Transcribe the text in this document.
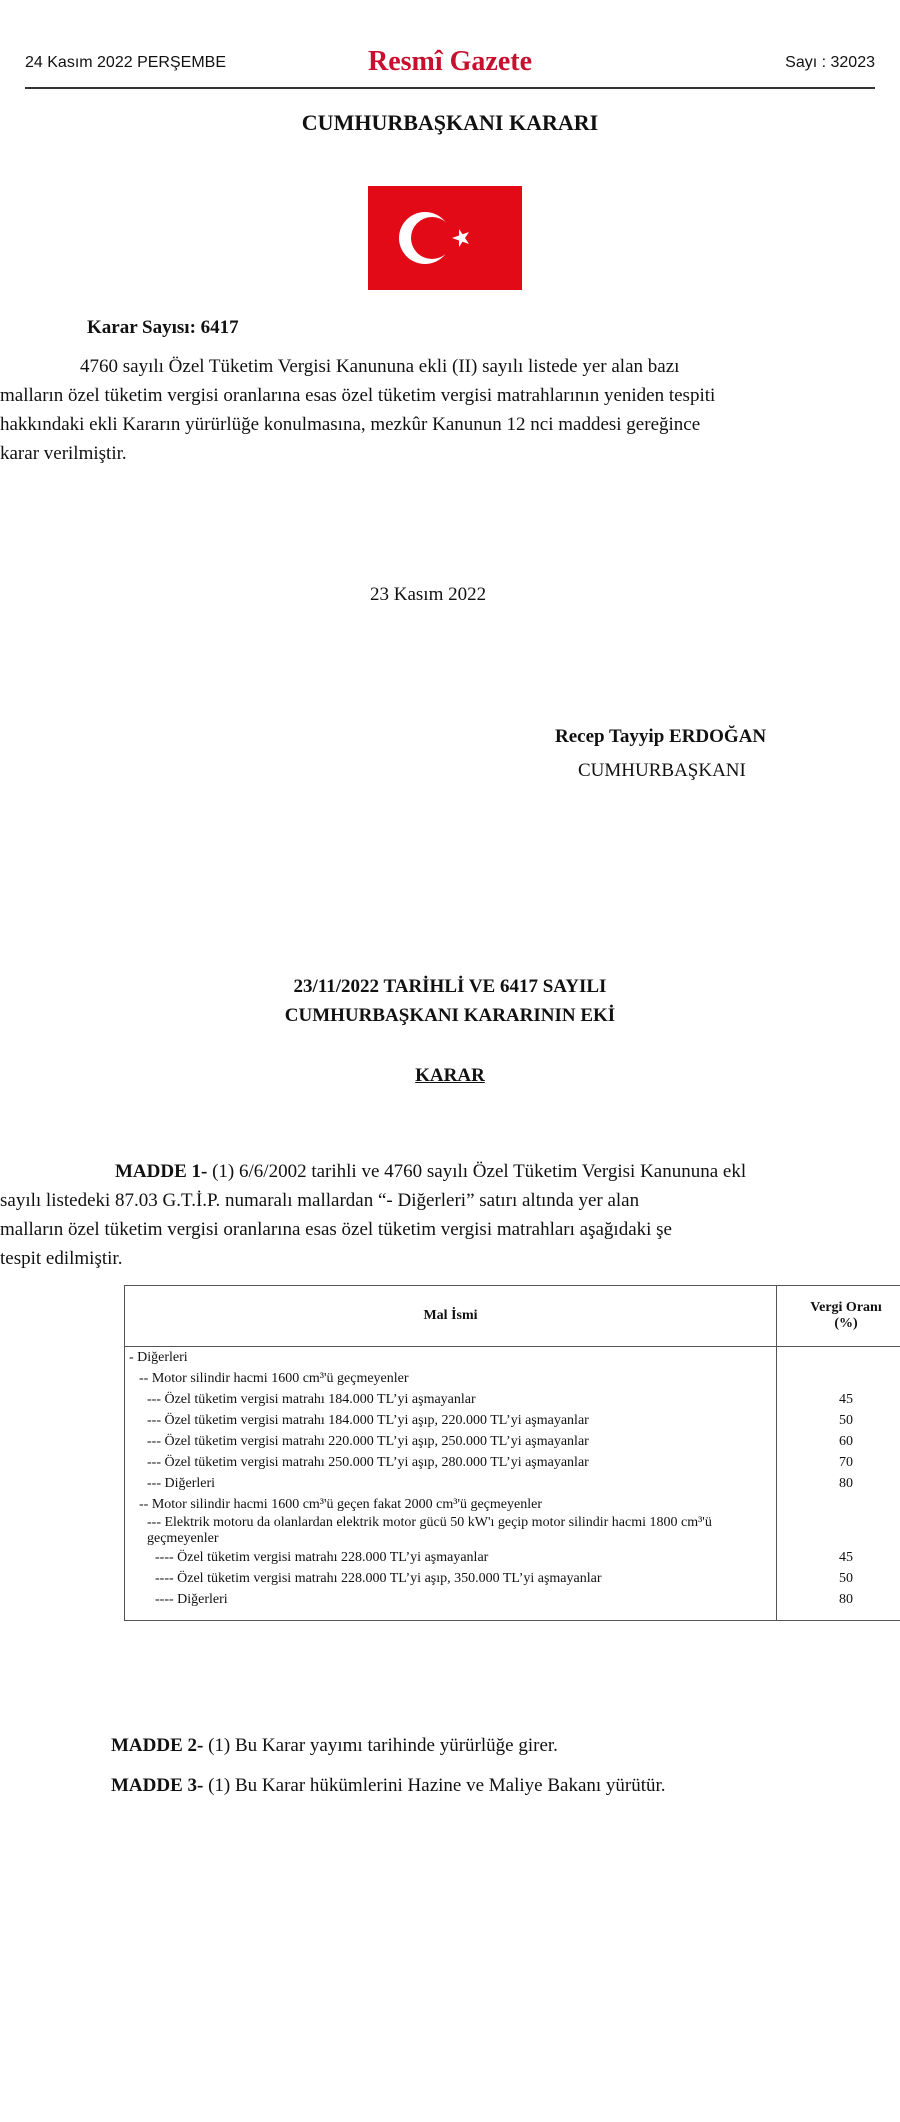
24 Kasım 2022 PERŞEMBE	Resmî Gazete	Sayı : 32023
CUMHURBAŞKANI KARARI
Karar Sayısı: 6417
4760 sayılı Özel Tüketim Vergisi Kanununa ekli (II) sayılı listede yer alan bazı
malların özel tüketim vergisi oranlarına esas özel tüketim vergisi matrahlarının yeniden tespiti
hakkındaki ekli Kararın yürürlüğe konulmasına, mezkûr Kanunun 12 nci maddesi gereğince
karar verilmiştir.
23 Kasım 2022
Recep Tayyip ERDOĞAN
CUMHURBAŞKANI
23/11/2022 TARİHLİ VE 6417 SAYILI
CUMHURBAŞKANI KARARININ EKİ
KARAR
MADDE 1- (1) 6/6/2002 tarihli ve 4760 sayılı Özel Tüketim Vergisi Kanununa ekl
sayılı listedeki 87.03 G.T.İ.P. numaralı mallardan “- Diğerleri” satırı altında yer alan
malların özel tüketim vergisi oranlarına esas özel tüketim vergisi matrahları aşağıdaki şe
tespit edilmiştir.
Mal İsmi	Vergi Oranı
(%)

- Diğerleri	
-- Motor silindir hacmi 1600 cm³'ü geçmeyenler	
--- Özel tüketim vergisi matrahı 184.000 TL’yi aşmayanlar	45
--- Özel tüketim vergisi matrahı 184.000 TL’yi aşıp, 220.000 TL’yi aşmayanlar	50
--- Özel tüketim vergisi matrahı 220.000 TL’yi aşıp, 250.000 TL’yi aşmayanlar	60
--- Özel tüketim vergisi matrahı 250.000 TL’yi aşıp, 280.000 TL’yi aşmayanlar	70
--- Diğerleri	80
-- Motor silindir hacmi 1600 cm³'ü geçen fakat 2000 cm³'ü geçmeyenler	
--- Elektrik motoru da olanlardan elektrik motor gücü 50 kW'ı geçip motor silindir hacmi 1800 cm³'ü geçmeyenler	
---- Özel tüketim vergisi matrahı 228.000 TL’yi aşmayanlar	45
---- Özel tüketim vergisi matrahı 228.000 TL’yi aşıp, 350.000 TL’yi aşmayanlar	50
---- Diğerleri	80

MADDE 2- (1) Bu Karar yayımı tarihinde yürürlüğe girer.
MADDE 3- (1) Bu Karar hükümlerini Hazine ve Maliye Bakanı yürütür.
